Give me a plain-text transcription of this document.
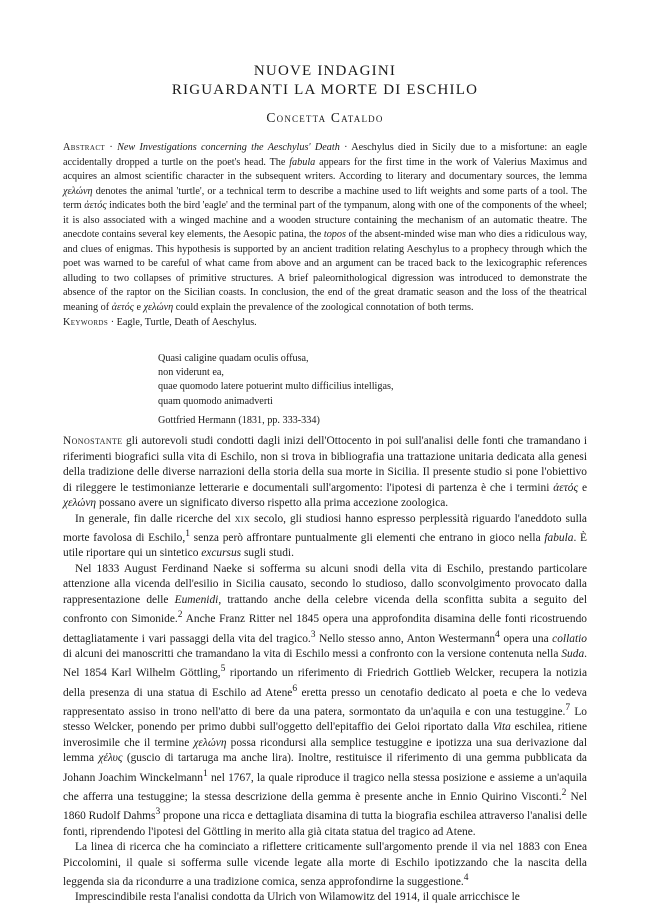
NUOVE INDAGINI
RIGUARDANTI LA MORTE DI ESCHILO
Concetta Cataldo
Abstract · New Investigations concerning the Aeschylus' Death · Aeschylus died in Sicily due to a misfortune: an eagle accidentally dropped a turtle on the poet's head. The fabula appears for the first time in the work of Valerius Maximus and acquires an almost scientific character in the subsequent writers. According to literary and documentary sources, the lemma χελώνη denotes the animal 'turtle', or a technical term to describe a machine used to lift weights and some parts of a tool. The term ἀετός indicates both the bird 'eagle' and the terminal part of the tympanum, along with one of the components of the wheel; it is also associated with a winged machine and a wooden structure containing the mechanism of an automatic theatre. The anecdote contains several key elements, the Aesopic patina, the topos of the absent-minded wise man who dies a ridiculous way, and clues of enigmas. This hypothesis is supported by an ancient tradition relating Aeschylus to a prophecy through which the poet was warned to be careful of what came from above and an argument can be traced back to the lexicographic references alluding to two collapses of primitive structures. A brief paleornithological digression was introduced to demonstrate the absence of the raptor on the Sicilian coasts. In conclusion, the end of the great dramatic season and the loss of the theatrical meaning of ἀετός e χελώνη could explain the prevalence of the zoological connotation of both terms.
Keywords · Eagle, Turtle, Death of Aeschylus.
Quasi caligine quadam oculis offusa,
non viderunt ea,
quae quomodo latere potuerint multo difficilius intelligas,
quam quomodo animadverti
Gottfried Hermann (1831, pp. 333-334)

Nonostante gli autorevoli studi condotti dagli inizi dell'Ottocento in poi sull'analisi delle fonti che tramandano i riferimenti biografici sulla vita di Eschilo, non si trova in bibliografia una trattazione unitaria dedicata alla genesi della tradizione delle diverse narrazioni della storia della sua morte in Sicilia. Il presente studio si pone l'obiettivo di rileggere le testimonianze letterarie e documentali sull'argomento: l'ipotesi di partenza è che i termini ἀετός e χελώνη possano avere un significato diverso rispetto alla prima accezione zoologica.

In generale, fin dalle ricerche del xix secolo, gli studiosi hanno espresso perplessità riguardo l'aneddoto sulla morte favolosa di Eschilo,$^1$ senza però affrontare puntualmente gli elementi che entrano in gioco nella fabula. È utile riportare qui un sintetico excursus sugli studi.

Nel 1833 August Ferdinand Naeke si sofferma su alcuni snodi della vita di Eschilo, prestando particolare attenzione alla vicenda dell'esilio in Sicilia causato, secondo lo studioso, dallo sconvolgimento provocato dalla rappresentazione delle Eumenidi, trattando anche della celebre vicenda della sconfitta subita a seguito del confronto con Simonide.$^2$ Anche Franz Ritter nel 1845 opera una approfondita disamina delle fonti ricostruendo dettagliatamente i vari passaggi della vita del tragico.$^3$ Nello stesso anno, Anton Westermann$^4$ opera una collatio di alcuni dei manoscritti che tramandano la vita di Eschilo messi a confronto con la versione contenuta nella Suda. Nel 1854 Karl Wilhelm Göttling,$^5$ riportando un riferimento di Friedrich Gottlieb Welcker, recupera la notizia della presenza di una statua di Eschilo ad Atene$^6$ eretta presso un cenotafio dedicato al poeta e che lo vedeva rappresentato assiso in trono nell'atto di bere da una patera, sormontato da un'aquila e con una testuggine.$^7$ Lo stesso Welcker, ponendo per primo dubbi sull'oggetto dell'epitaffio dei Geloi riportato dalla Vita eschilea, ritiene inverosimile che il termine χελώνη possa ricondursi alla semplice testuggine e ipotizza una sua derivazione dal lemma χέλυς (guscio di tartaruga ma anche lira). Inoltre, restituisce il riferimento di una gemma pubblicata da Johann Joachim Winckelmann$^1$ nel 1767, la quale riproduce il tragico nella stessa posizione e assieme a un'aquila che afferra una testuggine; la stessa descrizione della gemma è presente anche in Ennio Quirino Visconti.$^2$ Nel 1860 Rudolf Dahms$^3$ propone una ricca e dettagliata disamina di tutta la biografia eschilea attraverso l'analisi delle fonti, riprendendo l'ipotesi del Göttling in merito alla già citata statua del tragico ad Atene.

La linea di ricerca che ha cominciato a riflettere criticamente sull'argomento prende il via nel 1883 con Enea Piccolomini, il quale si sofferma sulle vicende legate alla morte di Eschilo ipotizzando che la nascita della leggenda sia da ricondurre a una tradizione comica, senza approfondirne la suggestione.$^4$

Imprescindibile resta l'analisi condotta da Ulrich von Wilamowitz del 1914, il quale arricchisce le
